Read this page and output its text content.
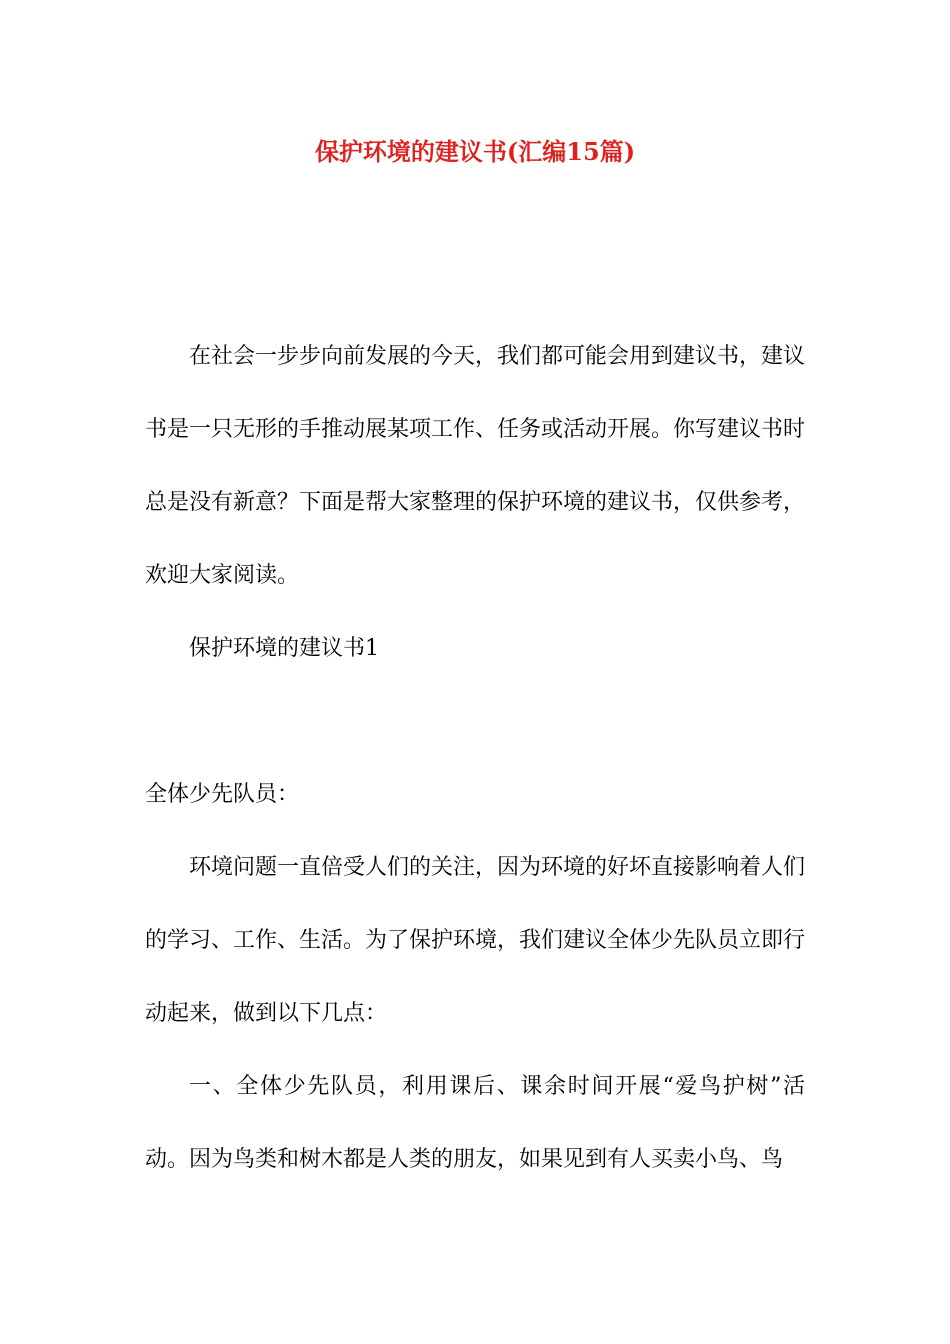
保护环境的建议书(汇编15篇)

在社会一步步向前发展的今天，我们都可能会用到建议书，建议书是一只无形的手推动展某项工作、任务或活动开展。你写建议书时总是没有新意？下面是帮大家整理的保护环境的建议书，仅供参考，欢迎大家阅读。

保护环境的建议书1

全体少先队员：

环境问题一直倍受人们的关注，因为环境的好坏直接影响着人们的学习、工作、生活。为了保护环境，我们建议全体少先队员立即行动起来，做到以下几点：

一、全体少先队员，利用课后、课余时间开展“爱鸟护树”活动。因为鸟类和树木都是人类的朋友，如果见到有人买卖小鸟、鸟
